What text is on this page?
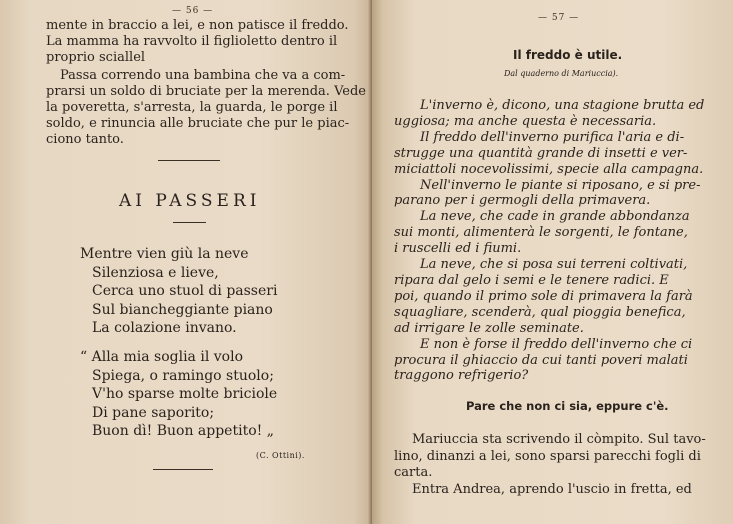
— 56 —
mente in braccio a lei, e non patisce il freddo.
La mamma ha ravvolto il figlioletto dentro il
proprio sciallel
Passa correndo una bambina che va a com-
prarsi un soldo di bruciate per la merenda. Vede
la poveretta, s'arresta, la guarda, le porge il
soldo, e rinuncia alle bruciate che pur le piac-
ciono tanto.
AI PASSERI
Mentre vien giù la neve
Silenziosa e lieve,
Cerca uno stuol di passeri
Sul biancheggiante piano
La colazione invano.
“ Alla mia soglia il volo
Spiega, o ramingo stuolo;
V'ho sparse molte briciole
Di pane saporito;
Buon dì! Buon appetito! „
(C. Ottini).
— 57 —
Il freddo è utile.
Dal quaderno di Mariuccia).
L'inverno è, dicono, una stagione brutta ed
uggiosa; ma anche questa è necessaria.
Il freddo dell'inverno purifica l'aria e di-
strugge una quantità grande di insetti e ver-
miciattoli nocevolissimi, specie alla campagna.
Nell'inverno le piante si riposano, e si pre-
parano per i germogli della primavera.
La neve, che cade in grande abbondanza
sui monti, alimenterà le sorgenti, le fontane,
i ruscelli ed i fiumi.
La neve, che si posa sui terreni coltivati,
ripara dal gelo i semi e le tenere radici. E
poi, quando il primo sole di primavera la farà
squagliare, scenderà, qual pioggia benefica,
ad irrigare le zolle seminate.
E non è forse il freddo dell'inverno che ci
procura il ghiaccio da cui tanti poveri malati
traggono refrigerio?
Pare che non ci sia, eppure c'è.
Mariuccia sta scrivendo il còmpito. Sul tavo-
lino, dinanzi a lei, sono sparsi parecchi fogli di
carta.
Entra Andrea, aprendo l'uscio in fretta, ed
